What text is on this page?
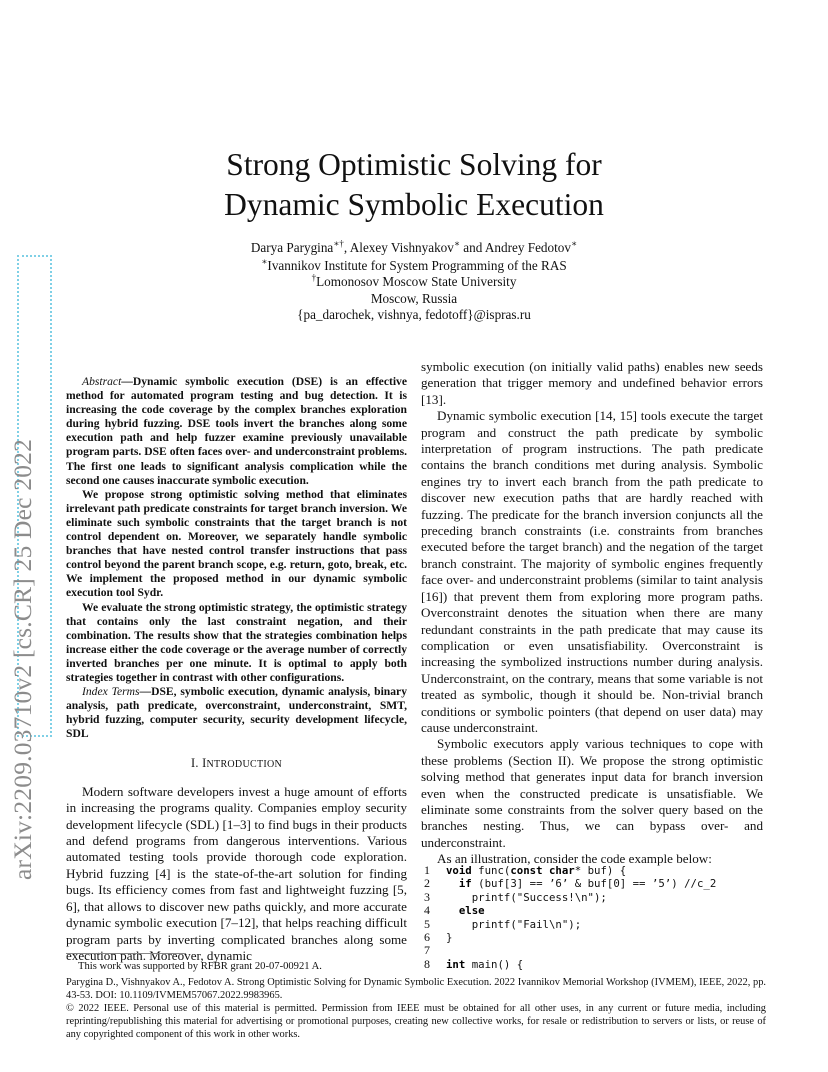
arXiv:2209.03710v2 [cs.CR] 25 Dec 2022
Strong Optimistic Solving for
Dynamic Symbolic Execution
Darya Parygina∗†, Alexey Vishnyakov∗ and Andrey Fedotov∗
∗Ivannikov Institute for System Programming of the RAS
†Lomonosov Moscow State University
Moscow, Russia
{pa_darochek, vishnya, fedotoff}@ispras.ru

Abstract—Dynamic symbolic execution (DSE) is an effective method for automated program testing and bug detection. It is increasing the code coverage by the complex branches exploration during hybrid fuzzing. DSE tools invert the branches along some execution path and help fuzzer examine previously unavailable program parts. DSE often faces over- and underconstraint problems. The first one leads to significant analysis complication while the second one causes inaccurate symbolic execution.

We propose strong optimistic solving method that eliminates irrelevant path predicate constraints for target branch inversion. We eliminate such symbolic constraints that the target branch is not control dependent on. Moreover, we separately handle symbolic branches that have nested control transfer instructions that pass control beyond the parent branch scope, e.g. return, goto, break, etc. We implement the proposed method in our dynamic symbolic execution tool Sydr.

We evaluate the strong optimistic strategy, the optimistic strategy that contains only the last constraint negation, and their combination. The results show that the strategies combination helps increase either the code coverage or the average number of correctly inverted branches per one minute. It is optimal to apply both strategies together in contrast with other configurations.

Index Terms—DSE, symbolic execution, dynamic analysis, binary analysis, path predicate, overconstraint, underconstraint, SMT, hybrid fuzzing, computer security, security development lifecycle, SDL

I. INTRODUCTION

Modern software developers invest a huge amount of efforts in increasing the programs quality. Companies employ security development lifecycle (SDL) [1–3] to find bugs in their products and defend programs from dangerous interventions. Various automated testing tools provide thorough code exploration. Hybrid fuzzing [4] is the state-of-the-art solution for finding bugs. Its efficiency comes from fast and lightweight fuzzing [5, 6], that allows to discover new paths quickly, and more accurate dynamic symbolic execution [7–12], that helps reaching difficult program parts by inverting complicated branches along some execution path. Moreover, dynamic

symbolic execution (on initially valid paths) enables new seeds generation that trigger memory and undefined behavior errors [13].

Dynamic symbolic execution [14, 15] tools execute the target program and construct the path predicate by symbolic interpretation of program instructions. The path predicate contains the branch conditions met during analysis. Symbolic engines try to invert each branch from the path predicate to discover new execution paths that are hardly reached with fuzzing. The predicate for the branch inversion conjuncts all the preceding branch constraints (i.e. constraints from branches executed before the target branch) and the negation of the target branch constraint. The majority of symbolic engines frequently face over- and underconstraint problems (similar to taint analysis [16]) that prevent them from exploring more program paths. Overconstraint denotes the situation when there are many redundant constraints in the path predicate that may cause its complication or even unsatisfiability. Overconstraint is increasing the symbolized instructions number during analysis. Underconstraint, on the contrary, means that some variable is not treated as symbolic, though it should be. Non-trivial branch conditions or symbolic pointers (that depend on user data) may cause underconstraint.

Symbolic executors apply various techniques to cope with these problems (Section II). We propose the strong optimistic solving method that generates input data for branch inversion even when the constructed predicate is unsatisfiable. We eliminate some constraints from the solver query based on the branches nesting. Thus, we can bypass over- and underconstraint.

As an illustration, consider the code example below:

1	void func( const char * buf) {
2	if (buf[3] == ’6’ & buf[0] == ’5’) //c_2
3	printf("Success!\n");
4	else
5	printf("Fail\n");
6	}
7
8	int main() {
This work was supported by RFBR grant 20-07-00921 A.
Parygina D., Vishnyakov A., Fedotov A. Strong Optimistic Solving for Dynamic Symbolic Execution. 2022 Ivannikov Memorial Workshop (IVMEM), IEEE, 2022, pp. 43-53. DOI: 10.1109/IVMEM57067.2022.9983965.
© 2022 IEEE. Personal use of this material is permitted. Permission from IEEE must be obtained for all other uses, in any current or future media, including reprinting/republishing this material for advertising or promotional purposes, creating new collective works, for resale or redistribution to servers or lists, or reuse of any copyrighted component of this work in other works.
